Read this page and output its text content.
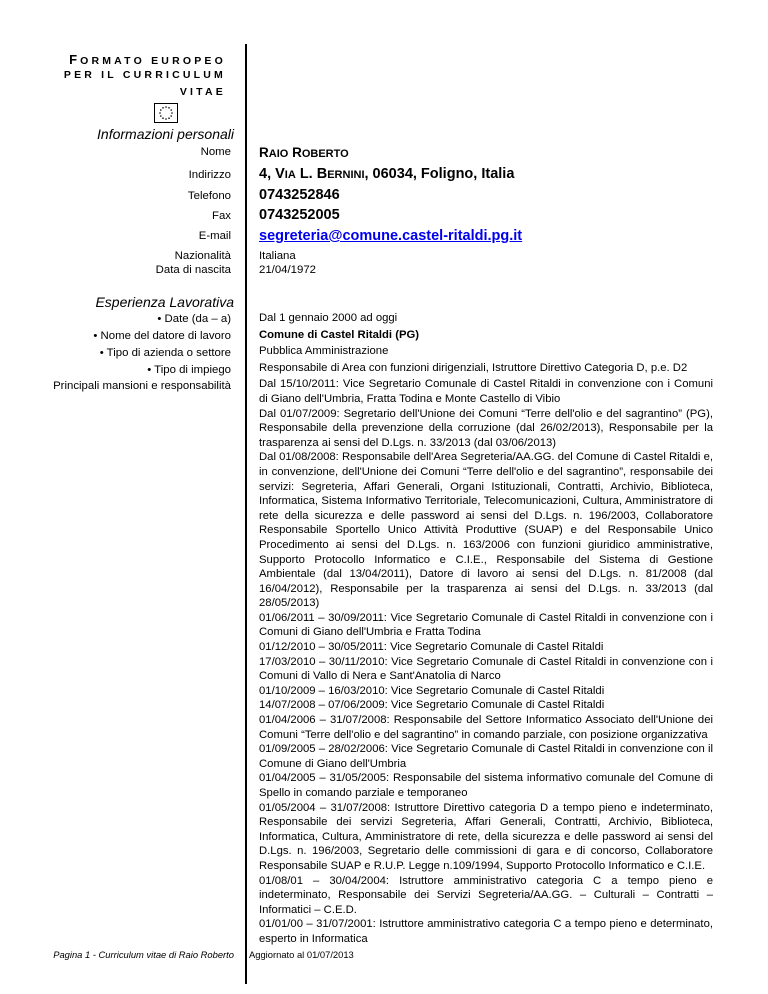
FORMATO EUROPEO
PER IL CURRICULUM
VITAE
Informazioni personali
Nome RAIO ROBERTO
Indirizzo 4, VIA L. BERNINI, 06034, Foligno, Italia
Telefono 0743252846
Fax 0743252005
E-mail segreteria@comune.castel-ritaldi.pg.it
Nazionalità Italiana
Data di nascita 21/04/1972
Esperienza Lavorativa
• Date (da – a)
• Nome del datore di lavoro
• Tipo di azienda o settore
• Tipo di impiego
Principali mansioni e responsabilità

Dal 1 gennaio 2000 ad oggi

Comune di Castel Ritaldi (PG)

Pubblica Amministrazione

Responsabile di Area con funzioni dirigenziali, Istruttore Direttivo Categoria D, p.e. D2

Dal 15/10/2011: Vice Segretario Comunale di Castel Ritaldi in convenzione con i Comuni di Giano dell'Umbria, Fratta Todina e Monte Castello di Vibio

Dal 01/07/2009: Segretario dell'Unione dei Comuni “Terre dell'olio e del sagrantino” (PG), Responsabile della prevenzione della corruzione (dal 26/02/2013), Responsabile per la trasparenza ai sensi del D.Lgs. n. 33/2013 (dal 03/06/2013)

Dal 01/08/2008: Responsabile dell'Area Segreteria/AA.GG. del Comune di Castel Ritaldi e, in convenzione, dell'Unione dei Comuni “Terre dell'olio e del sagrantino”, responsabile dei servizi: Segreteria, Affari Generali, Organi Istituzionali, Contratti, Archivio, Biblioteca, Informatica, Sistema Informativo Territoriale, Telecomunicazioni, Cultura, Amministratore di rete della sicurezza e delle password ai sensi del D.Lgs. n. 196/2003, Collaboratore Responsabile Sportello Unico Attività Produttive (SUAP) e del Responsabile Unico Procedimento ai sensi del D.Lgs. n. 163/2006 con funzioni giuridico amministrative, Supporto Protocollo Informatico e C.I.E., Responsabile del Sistema di Gestione Ambientale (dal 13/04/2011), Datore di lavoro ai sensi del D.Lgs. n. 81/2008 (dal 16/04/2012), Responsabile per la trasparenza ai sensi del D.Lgs. n. 33/2013 (dal 28/05/2013)

01/06/2011 – 30/09/2011: Vice Segretario Comunale di Castel Ritaldi in convenzione con i Comuni di Giano dell'Umbria e Fratta Todina

01/12/2010 – 30/05/2011: Vice Segretario Comunale di Castel Ritaldi

17/03/2010 – 30/11/2010: Vice Segretario Comunale di Castel Ritaldi in convenzione con i Comuni di Vallo di Nera e Sant'Anatolia di Narco

01/10/2009 – 16/03/2010: Vice Segretario Comunale di Castel Ritaldi

14/07/2008 – 07/06/2009: Vice Segretario Comunale di Castel Ritaldi

01/04/2006 – 31/07/2008: Responsabile del Settore Informatico Associato dell'Unione dei Comuni “Terre dell'olio e del sagrantino” in comando parziale, con posizione organizzativa

01/09/2005 – 28/02/2006: Vice Segretario Comunale di Castel Ritaldi in convenzione con il Comune di Giano dell'Umbria

01/04/2005 – 31/05/2005: Responsabile del sistema informativo comunale del Comune di Spello in comando parziale e temporaneo

01/05/2004 – 31/07/2008: Istruttore Direttivo categoria D a tempo pieno e indeterminato, Responsabile dei servizi Segreteria, Affari Generali, Contratti, Archivio, Biblioteca, Informatica, Cultura, Amministratore di rete, della sicurezza e delle password ai sensi del D.Lgs. n. 196/2003, Segretario delle commissioni di gara e di concorso, Collaboratore Responsabile SUAP e R.U.P. Legge n.109/1994, Supporto Protocollo Informatico e C.I.E.

01/08/01 – 30/04/2004: Istruttore amministrativo categoria C a tempo pieno e indeterminato, Responsabile dei Servizi Segreteria/AA.GG. – Culturali – Contratti – Informatici – C.E.D.

01/01/00 – 31/07/2001: Istruttore amministrativo categoria C a tempo pieno e determinato, esperto in Informatica

Pagina 1 - Curriculum vitae di Raio Roberto Aggiornato al 01/07/2013
